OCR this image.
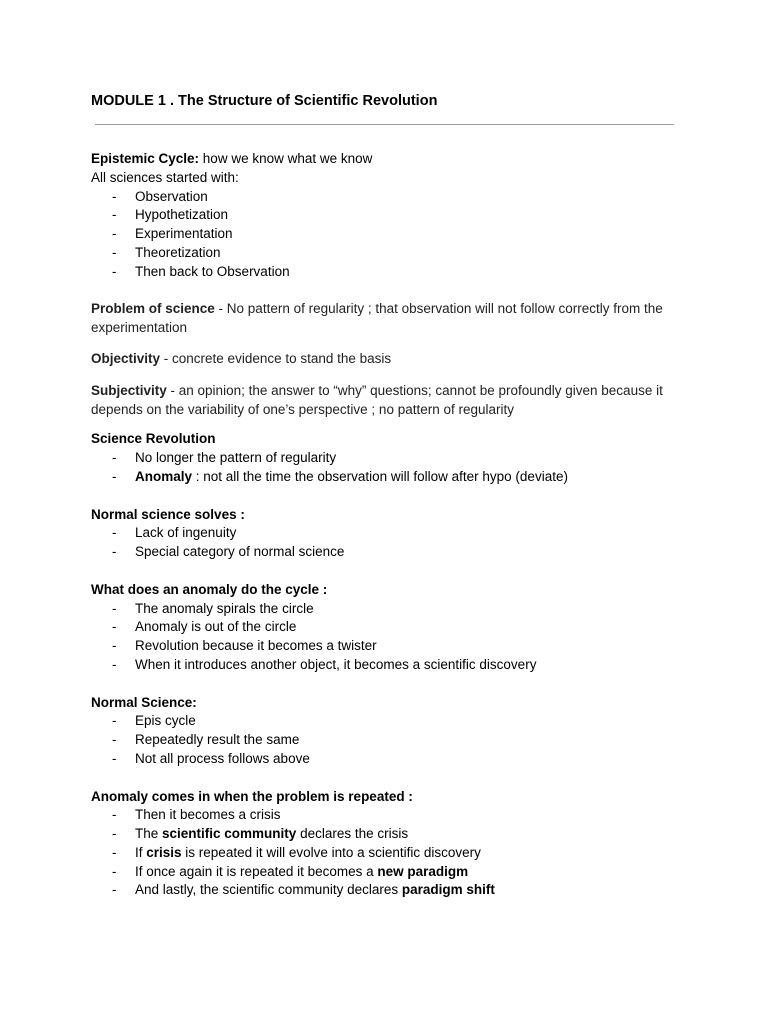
MODULE 1 . The Structure of Scientific Revolution

Epistemic Cycle: how we know what we know

All sciences started with:

- Observation
- Hypothetization
- Experimentation
- Theoretization
- Then back to Observation

Problem of science - No pattern of regularity ; that observation will not follow correctly from the experimentation

Objectivity - concrete evidence to stand the basis

Subjectivity - an opinion; the answer to “why” questions; cannot be profoundly given because it depends on the variability of one’s perspective ; no pattern of regularity

Science Revolution

- No longer the pattern of regularity
- Anomaly : not all the time the observation will follow after hypo (deviate)

Normal science solves :

- Lack of ingenuity
- Special category of normal science

What does an anomaly do the cycle :

- The anomaly spirals the circle
- Anomaly is out of the circle
- Revolution because it becomes a twister
- When it introduces another object, it becomes a scientific discovery

Normal Science:

- Epis cycle
- Repeatedly result the same
- Not all process follows above

Anomaly comes in when the problem is repeated :

- Then it becomes a crisis
- The scientific community declares the crisis
- If crisis is repeated it will evolve into a scientific discovery
- If once again it is repeated it becomes a new paradigm
- And lastly, the scientific community declares paradigm shift
